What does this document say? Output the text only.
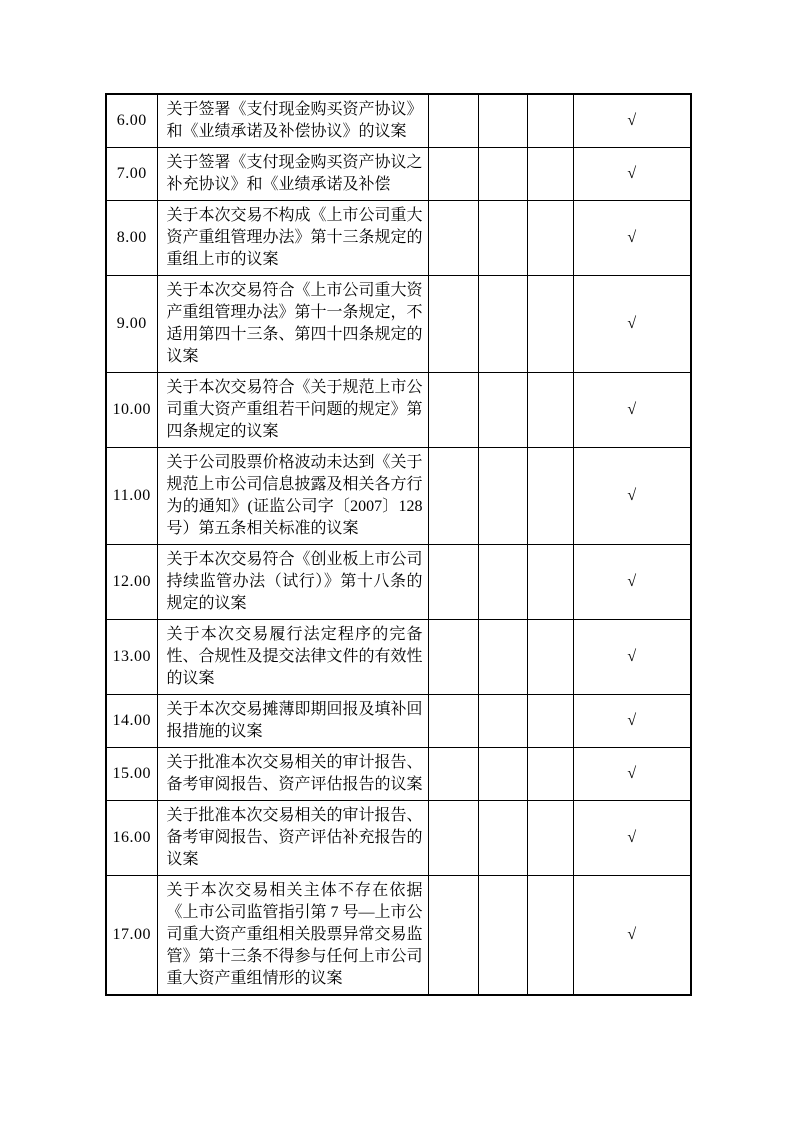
6.00	关于签署《支付现金购买资产协议》和《业绩承诺及补偿协议》的议案				√
7.00	关于签署《支付现金购买资产协议之补充协议》和《业绩承诺及补偿				√
8.00	关于本次交易不构成《上市公司重大资产重组管理办法》第十三条规定的重组上市的议案				√
9.00	关于本次交易符合《上市公司重大资产重组管理办法》第十一条规定，不适用第四十三条、第四十四条规定的议案				√
10.00	关于本次交易符合《关于规范上市公司重大资产重组若干问题的规定》第四条规定的议案				√
11.00	关于公司股票价格波动未达到《关于规范上市公司信息披露及相关各方行为的通知》(证监公司字〔2007〕128 号）第五条相关标准的议案				√
12.00	关于本次交易符合《创业板上市公司持续监管办法（试行）》第十八条的规定的议案				√
13.00	关于本次交易履行法定程序的完备性、合规性及提交法律文件的有效性的议案				√
14.00	关于本次交易摊薄即期回报及填补回报措施的议案				√
15.00	关于批准本次交易相关的审计报告、备考审阅报告、资产评估报告的议案				√
16.00	关于批准本次交易相关的审计报告、备考审阅报告、资产评估补充报告的议案				√
17.00	关于本次交易相关主体不存在依据《上市公司监管指引第 7 号—上市公司重大资产重组相关股票异常交易监管》第十三条不得参与任何上市公司重大资产重组情形的议案				√
